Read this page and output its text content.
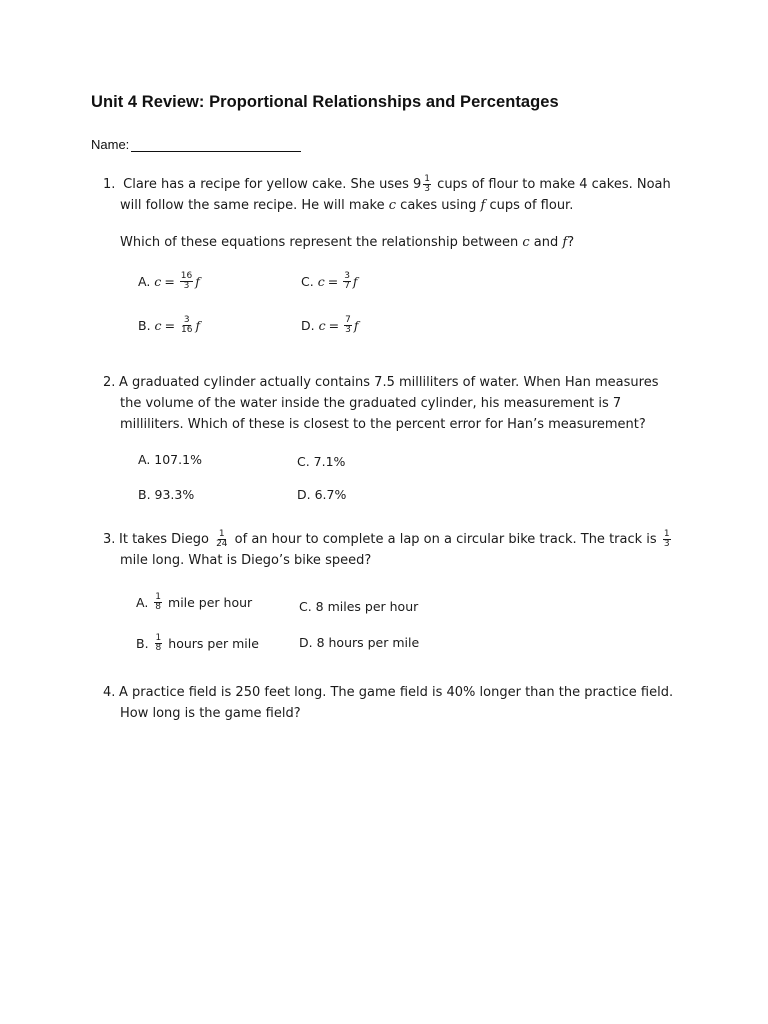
Unit 4 Review: Proportional Relationships and Percentages
Name:
1. Clare has a recipe for yellow cake. She uses $9 \frac{1}{3}$ cups of flour to make 4 cakes. Noah
will follow the same recipe. He will make c cakes using f cups of flour.
Which of these equations represent the relationship between c and f?
A.
$c = \frac{16}{3}$ f
B.
$c = \frac{3}{16}$ f
C.
$c = \frac{3}{7}$ f
D.
$c = \frac{7}{3}$ f
2. A graduated cylinder actually contains 7.5 milliliters of water. When Han measures
the volume of the water inside the graduated cylinder, his measurement is 7
milliliters. Which of these is closest to the percent error for Han’s measurement?
A. 107.1%
B. 93.3%
C. 7.1%
D. 6.7%
3. It takes Diego $\frac{1}{24}$ of an hour to complete a lap on a circular bike track. The track is $\frac{1}{3}$
mile long. What is Diego’s bike speed?
A.
$\frac{1}{8}$
mile per hour
B.
$\frac{1}{8}$
hours per mile
C. 8 miles per hour
D. 8 hours per mile
4. A practice field is 250 feet long. The game field is 40% longer than the practice field.
How long is the game field?
